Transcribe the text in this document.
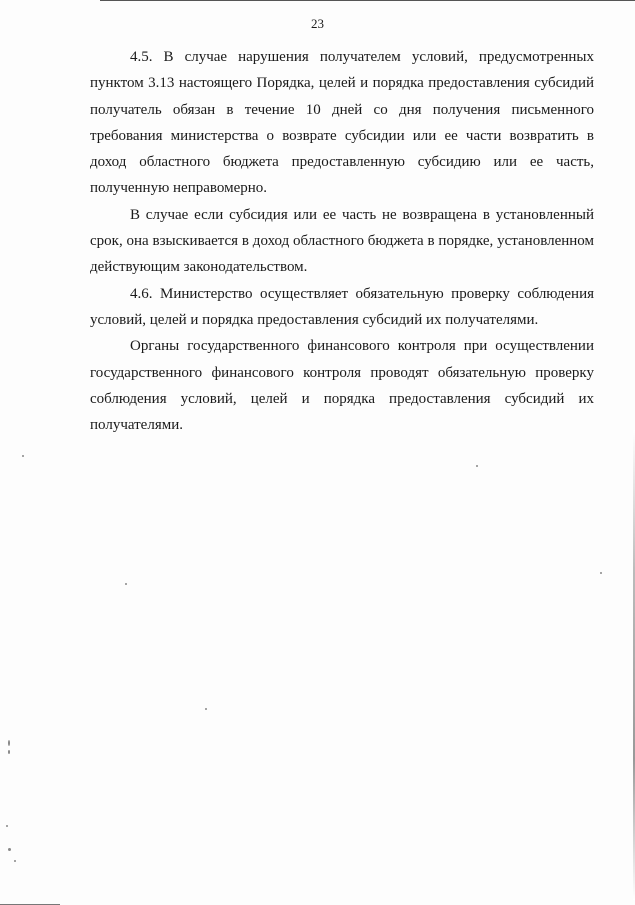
23

4.5. В случае нарушения получателем условий, предусмотренных пунктом 3.13 настоящего Порядка, целей и порядка предоставления субсидий получатель обязан в течение 10 дней со дня получения письменного требования министерства о возврате субсидии или ее части возвратить в доход областного бюджета предоставленную субсидию или ее часть, полученную неправомерно.

В случае если субсидия или ее часть не возвращена в установленный срок, она взыскивается в доход областного бюджета в порядке, установленном действующим законодательством.

4.6. Министерство осуществляет обязательную проверку соблюдения условий, целей и порядка предоставления субсидий их получателями.

Органы государственного финансового контроля при осуществлении государственного финансового контроля проводят обязательную проверку соблюдения условий, целей и порядка предоставления субсидий их получателями.
